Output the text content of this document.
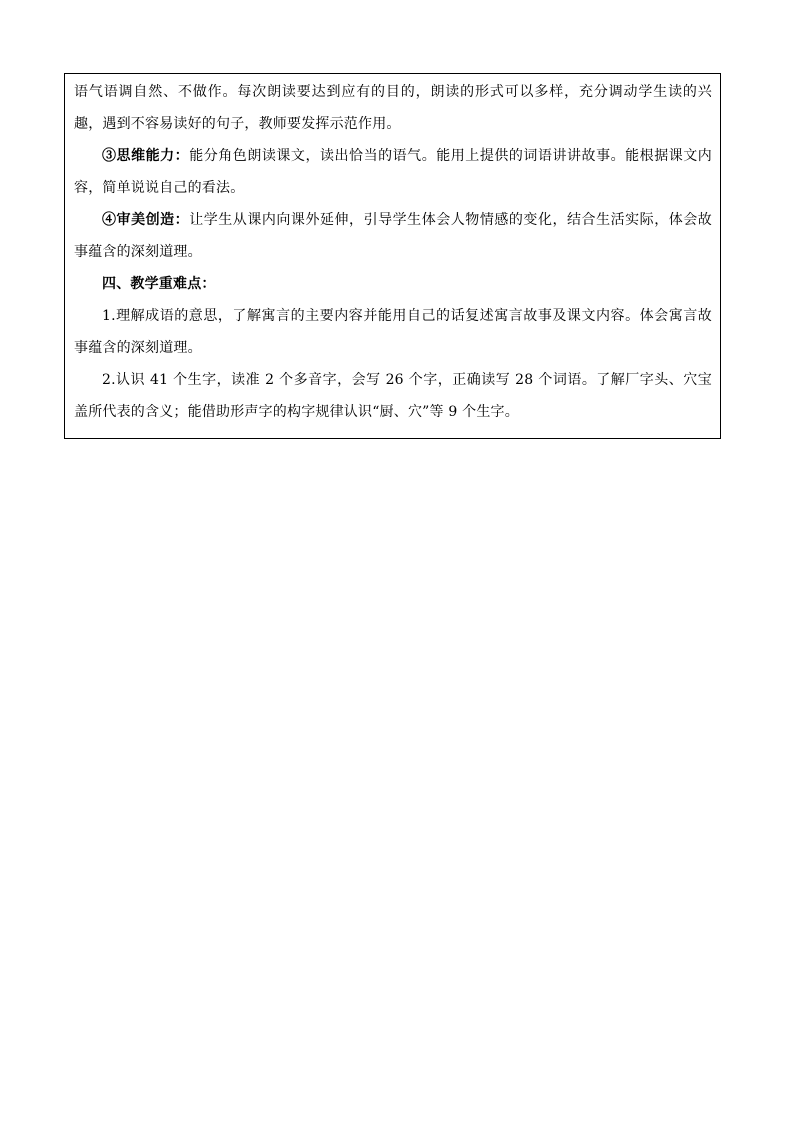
语气语调自然、不做作。每次朗读要达到应有的目的，朗读的形式可以多样，充分调动学生读的兴趣，遇到不容易读好的句子，教师要发挥示范作用。

③思维能力：能分角色朗读课文，读出恰当的语气。能用上提供的词语讲讲故事。能根据课文内容，简单说说自己的看法。

④审美创造：让学生从课内向课外延伸，引导学生体会人物情感的变化，结合生活实际，体会故事蕴含的深刻道理。

四、教学重难点：

1.理解成语的意思，了解寓言的主要内容并能用自己的话复述寓言故事及课文内容。体会寓言故事蕴含的深刻道理。

2.认识 41 个生字，读准 2 个多音字，会写 26 个字，正确读写 28 个词语。了解厂字头、穴宝盖所代表的含义；能借助形声字的构字规律认识“厨、穴”等 9 个生字。
